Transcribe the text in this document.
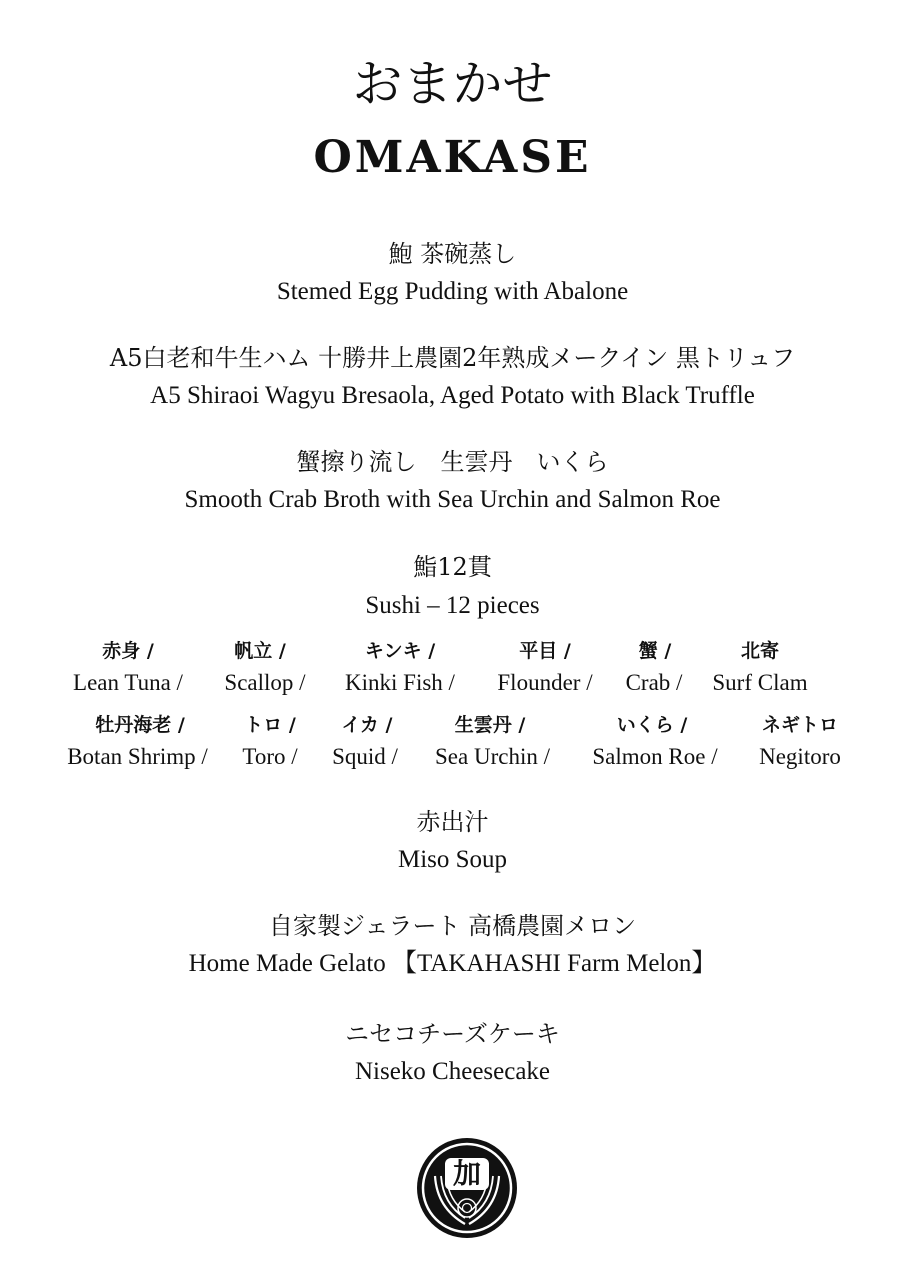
おまかせ
OMAKASE
鮑 茶碗蒸し
Stemed Egg Pudding with Abalone
A5白老和牛生ハム 十勝井上農園2年熟成メークイン 黒トリュフ
A5 Shiraoi Wagyu Bresaola, Aged Potato with Black Truffle
蟹擦り流し　生雲丹　いくら
Smooth Crab Broth with Sea Urchin and Salmon Roe
鮨12貫
Sushi – 12 pieces
赤身 /
Lean Tuna /
帆立 /
Scallop /
キンキ /
Kinki Fish /
平目 /
Flounder /
蟹 /
Crab /
北寄
Surf Clam
牡丹海老 /
Botan Shrimp /
トロ /
Toro /
イカ /
Squid /
生雲丹 /
Sea Urchin /
いくら /
Salmon Roe /
ネギトロ
Negitoro
赤出汁
Miso Soup
自家製ジェラート 高橋農園メロン
Home Made Gelato 【TAKAHASHI Farm Melon】
ニセコチーズケーキ
Niseko Cheesecake
加
